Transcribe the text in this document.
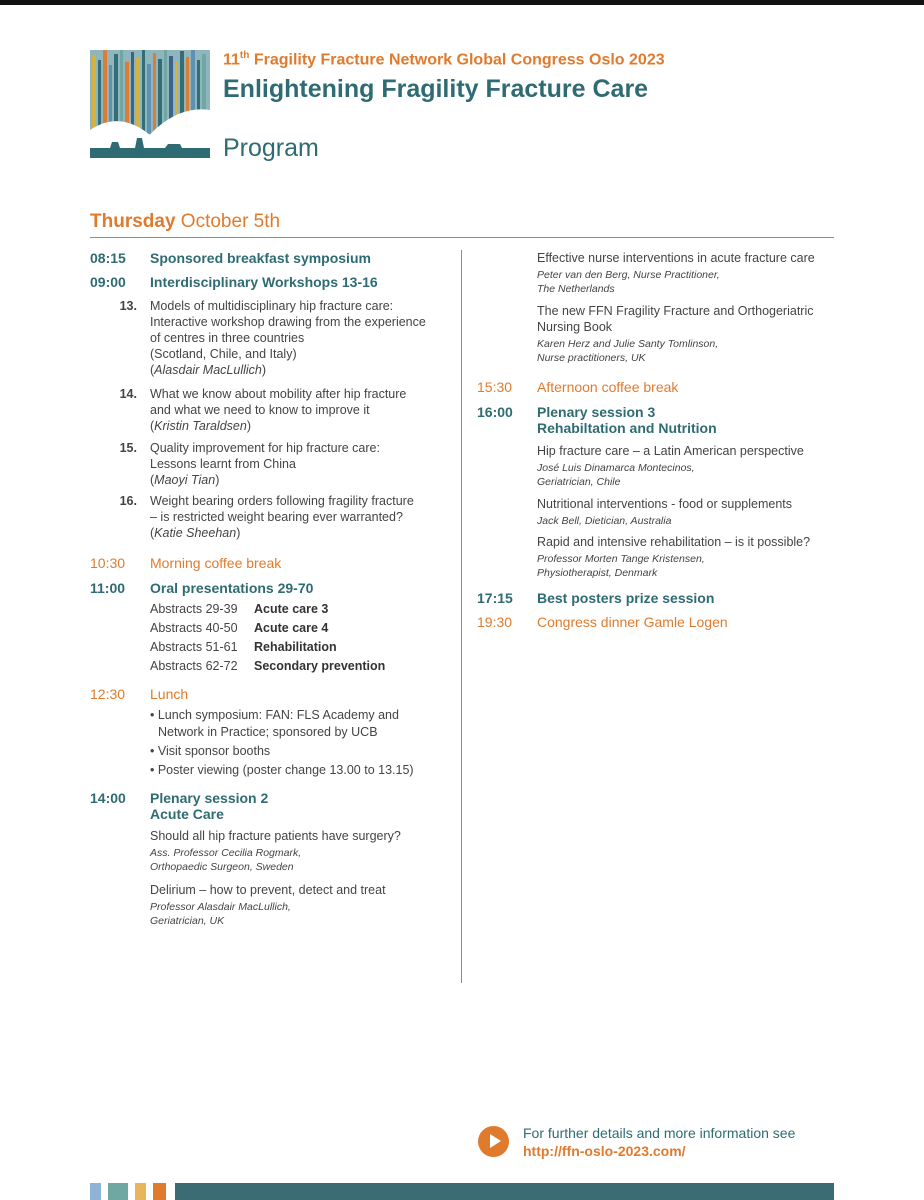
11th Fragility Fracture Network Global Congress Oslo 2023
Enlightening Fragility Fracture Care
Program
Thursday October 5th
08:15	Sponsored breakfast symposium
09:00	Interdisciplinary Workshops 13-16
13.	Models of multidisciplinary hip fracture care:
Interactive workshop drawing from the experience
of centres in three countries
(Scotland, Chile, and Italy)
(Alasdair MacLullich)
14.	What we know about mobility after hip fracture
and what we need to know to improve it
(Kristin Taraldsen)
15.	Quality improvement for hip fracture care:
Lessons learnt from China
(Maoyi Tian)
16.	Weight bearing orders following fragility fracture
– is restricted weight bearing ever warranted?
(Katie Sheehan)
10:30	Morning coffee break
11:00	Oral presentations 29-70
Abstracts 29-39	Acute care 3
Abstracts 40-50	Acute care 4
Abstracts 51-61	Rehabilitation
Abstracts 62-72	Secondary prevention
12:30	Lunch
• Lunch symposium: FAN: FLS Academy and
Network in Practice; sponsored by UCB
• Visit sponsor booths
• Poster viewing (poster change 13.00 to 13.15)
14:00	Plenary session 2
Acute Care
Should all hip fracture patients have surgery?
Ass. Professor Cecilia Rogmark,
Orthopaedic Surgeon, Sweden
Delirium – how to prevent, detect and treat
Professor Alasdair MacLullich,
Geriatrician, UK
Effective nurse interventions in acute fracture care
Peter van den Berg, Nurse Practitioner,
The Netherlands
The new FFN Fragility Fracture and Orthogeriatric
Nursing Book
Karen Herz and Julie Santy Tomlinson,
Nurse practitioners, UK
15:30	Afternoon coffee break
16:00	Plenary session 3
Rehabiltation and Nutrition
Hip fracture care – a Latin American perspective
José Luis Dinamarca Montecinos,
Geriatrician, Chile
Nutritional interventions - food or supplements
Jack Bell, Dietician, Australia
Rapid and intensive rehabilitation – is it possible?
Professor Morten Tange Kristensen,
Physiotherapist, Denmark
17:15	Best posters prize session
19:30	Congress dinner Gamle Logen
For further details and more information see
http://ffn-oslo-2023.com/
